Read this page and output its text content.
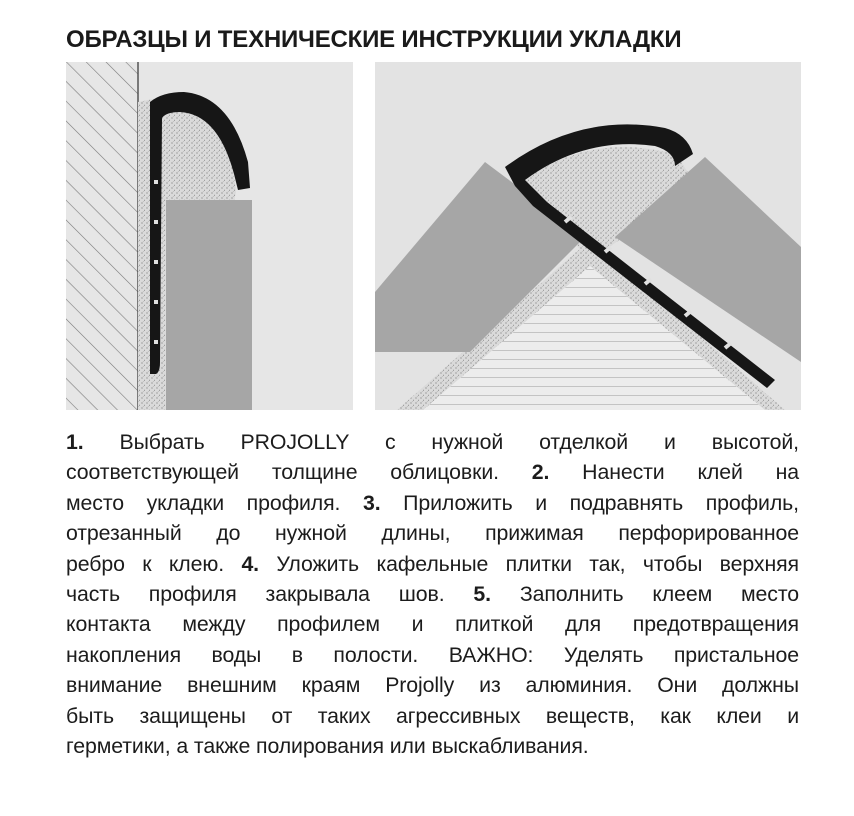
ОБРАЗЦЫ И ТЕХНИЧЕСКИЕ ИНСТРУКЦИИ УКЛАДКИ
1. Выбрать PROJOLLY с нужной отделкой и высотой,
соответствующей толщине облицовки. 2. Нанести клей на
место укладки профиля. 3. Приложить и подравнять профиль,
отрезанный до нужной длины, прижимая перфорированное
ребро к клею. 4. Уложить кафельные плитки так, чтобы верхняя
часть профиля закрывала шов. 5. Заполнить клеем место
контакта между профилем и плиткой для предотвращения
накопления воды в полости. ВАЖНО: Уделять пристальное
внимание внешним краям Projolly из алюминия. Они должны
быть защищены от таких агрессивных веществ, как клеи и
герметики, а также полирования или выскабливания.
